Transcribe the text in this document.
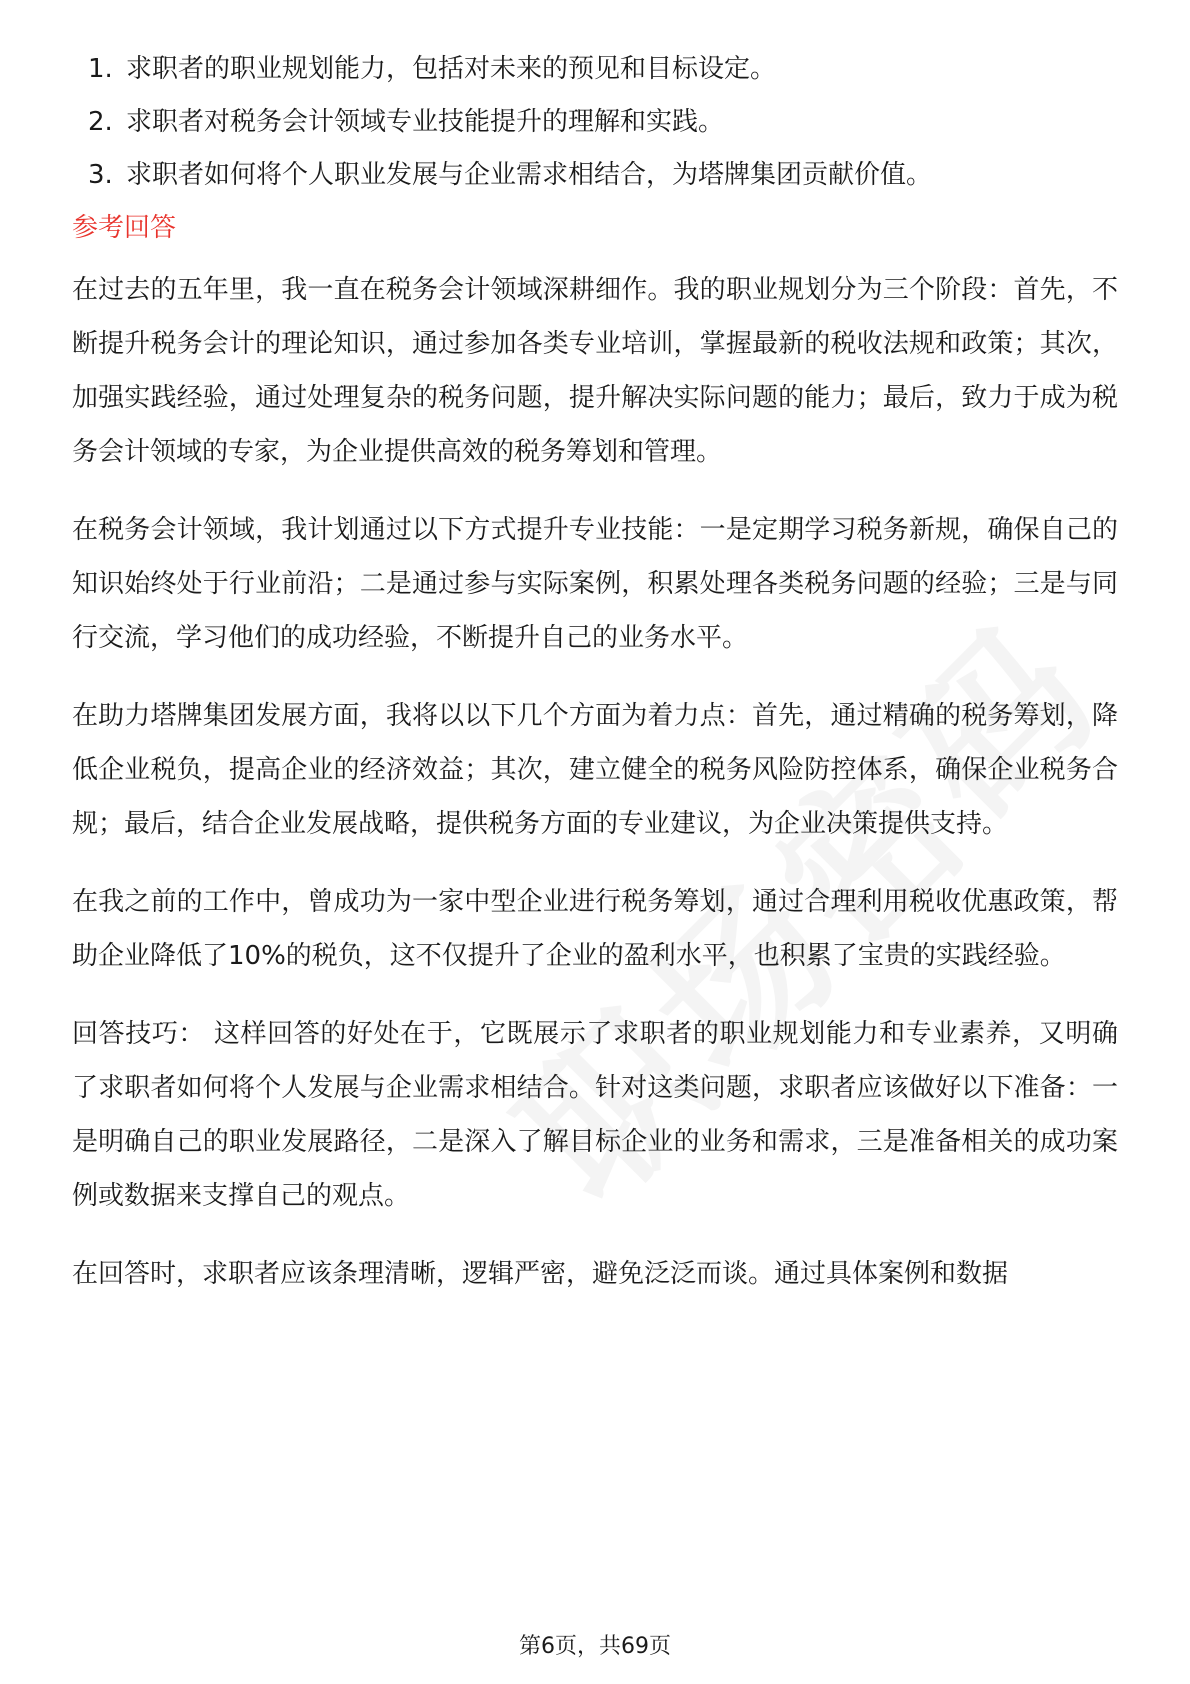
1. 求职者的职业规划能力，包括对未来的预见和目标设定。
2. 求职者对税务会计领域专业技能提升的理解和实践。
3. 求职者如何将个人职业发展与企业需求相结合，为塔牌集团贡献价值。
参考回答

在过去的五年里，我一直在税务会计领域深耕细作。我的职业规划分为三个阶段：首先，不断提升税务会计的理论知识，通过参加各类专业培训，掌握最新的税收法规和政策；其次，加强实践经验，通过处理复杂的税务问题，提升解决实际问题的能力；最后，致力于成为税务会计领域的专家，为企业提供高效的税务筹划和管理。

在税务会计领域，我计划通过以下方式提升专业技能：一是定期学习税务新规，确保自己的知识始终处于行业前沿；二是通过参与实际案例，积累处理各类税务问题的经验；三是与同行交流，学习他们的成功经验，不断提升自己的业务水平。

在助力塔牌集团发展方面，我将以以下几个方面为着力点：首先，通过精确的税务筹划，降低企业税负，提高企业的经济效益；其次，建立健全的税务风险防控体系，确保企业税务合规；最后，结合企业发展战略，提供税务方面的专业建议，为企业决策提供支持。

在我之前的工作中，曾成功为一家中型企业进行税务筹划，通过合理利用税收优惠政策，帮助企业降低了10%的税负，这不仅提升了企业的盈利水平，也积累了宝贵的实践经验。

回答技巧： 这样回答的好处在于，它既展示了求职者的职业规划能力和专业素养，又明确了求职者如何将个人发展与企业需求相结合。针对这类问题，求职者应该做好以下准备：一是明确自己的职业发展路径，二是深入了解目标企业的业务和需求，三是准备相关的成功案例或数据来支撑自己的观点。

在回答时，求职者应该条理清晰，逻辑严密，避免泛泛而谈。通过具体案例和数据

第6页，共69页
